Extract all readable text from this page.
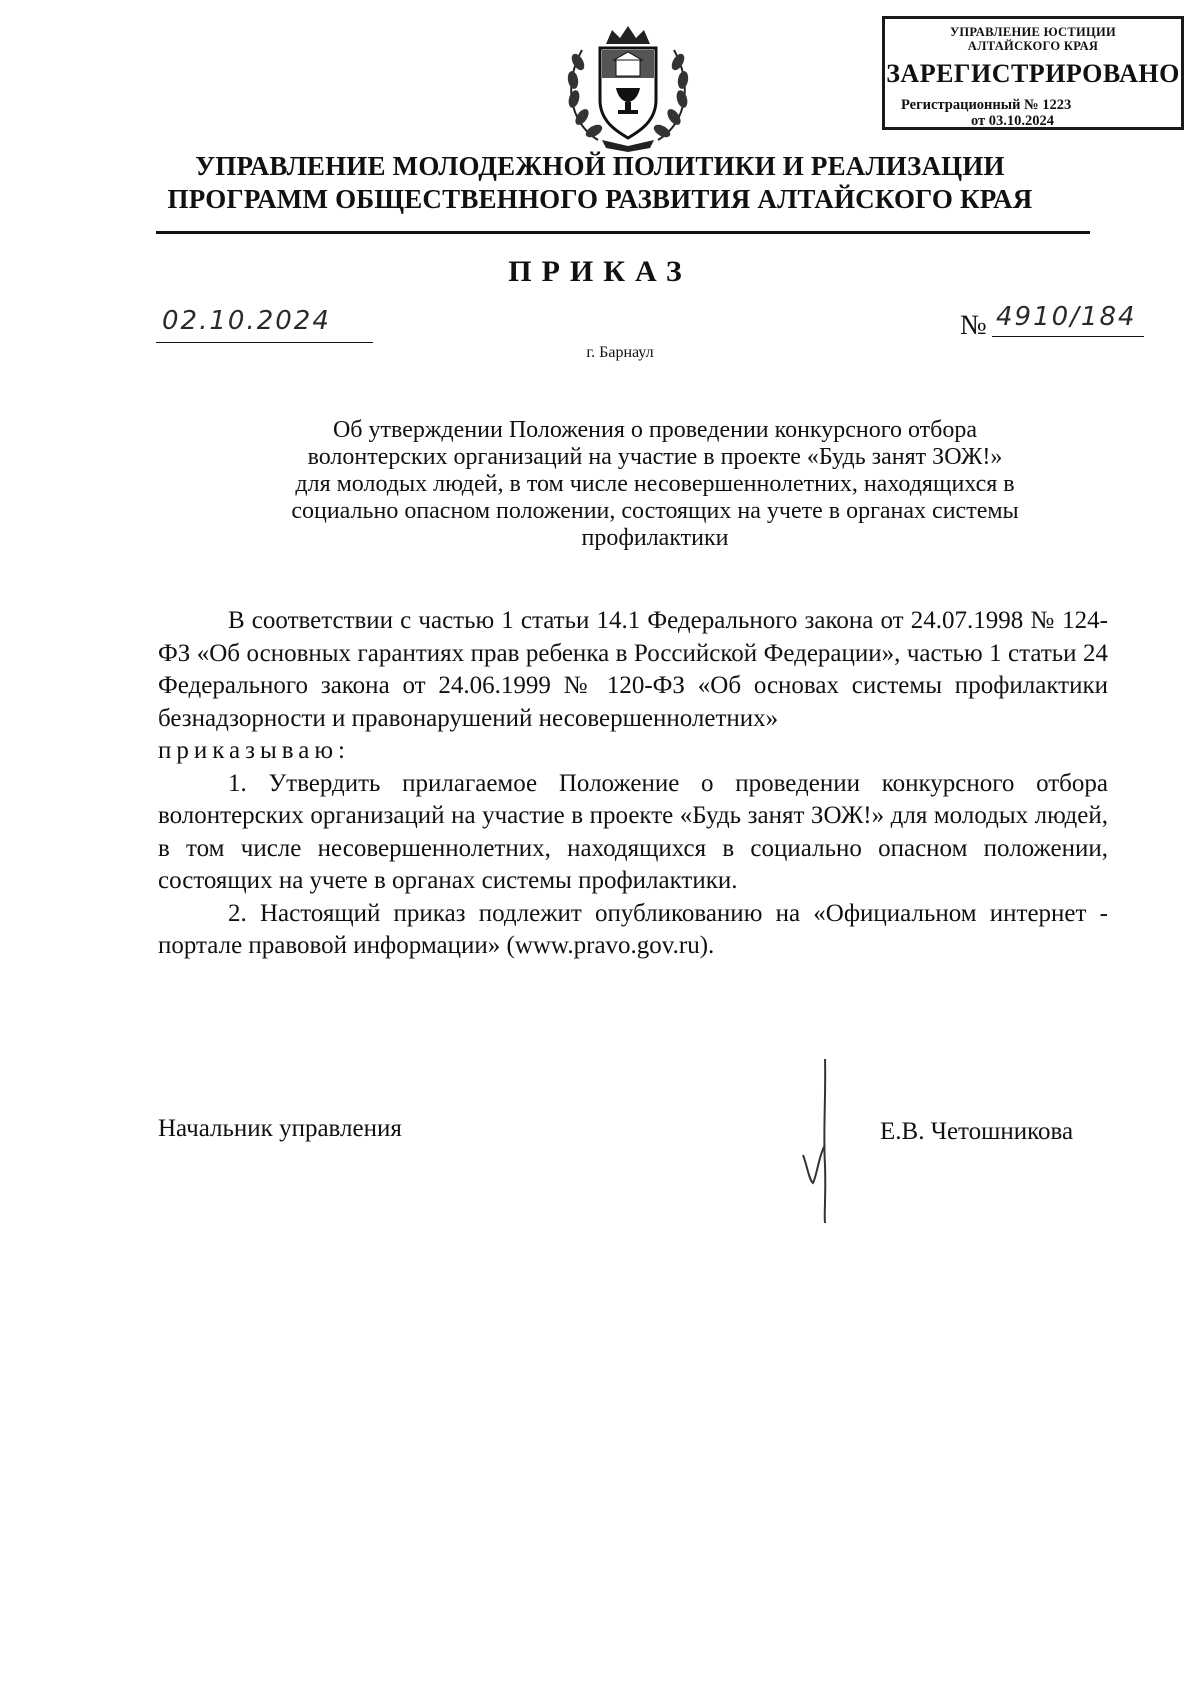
УПРАВЛЕНИЕ ЮСТИЦИИ
АЛТАЙСКОГО КРАЯ
ЗАРЕГИСТРИРОВАНО
Регистрационный № 1223
от 03.10.2024
УПРАВЛЕНИЕ МОЛОДЕЖНОЙ ПОЛИТИКИ И РЕАЛИЗАЦИИ
ПРОГРАММ ОБЩЕСТВЕННОГО РАЗВИТИЯ АЛТАЙСКОГО КРАЯ
ПРИКАЗ
02.10.2024	№ 4910/184
г. Барнаул
Об утверждении Положения о проведении конкурсного отбора волонтерских организаций на участие в проекте «Будь занят ЗОЖ!» для молодых людей, в том числе несовершеннолетних, находящихся в социально опасном положении, состоящих на учете в органах системы профилактики

В соответствии с частью 1 статьи 14.1 Федерального закона от 24.07.1998 № 124-ФЗ «Об основных гарантиях прав ребенка в Российской Федерации», частью 1 статьи 24 Федерального закона от 24.06.1999 № 120-ФЗ «Об основах системы профилактики безнадзорности и правонарушений несовершеннолетних»

приказываю:

1. Утвердить прилагаемое Положение о проведении конкурсного отбора волонтерских организаций на участие в проекте «Будь занят ЗОЖ!» для молодых людей, в том числе несовершеннолетних, находящихся в социально опасном положении, состоящих на учете в органах системы профилактики.

2. Настоящий приказ подлежит опубликованию на «Официальном интернет - портале правовой информации» (www.pravo.gov.ru).

Начальник управления	Е.В. Четошникова
